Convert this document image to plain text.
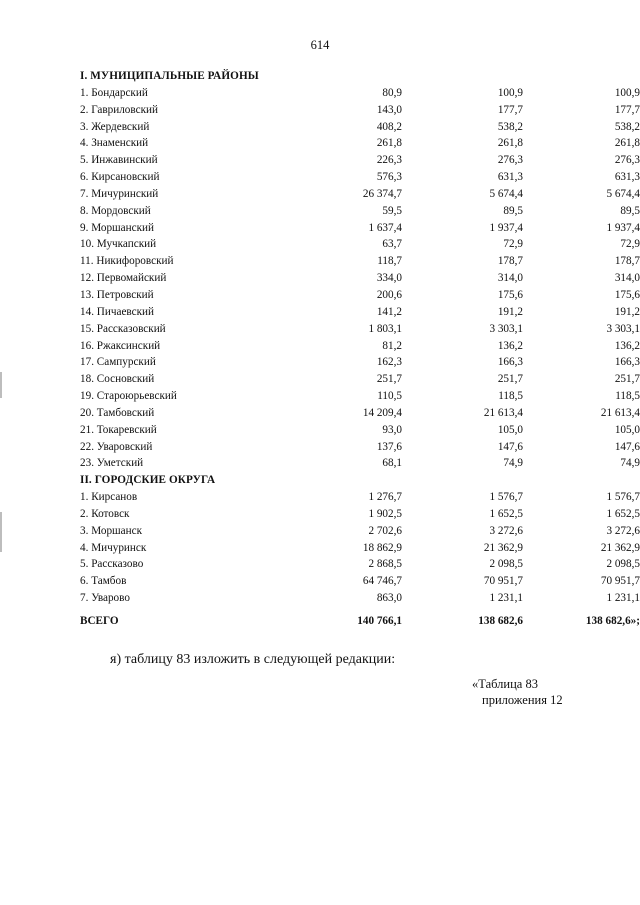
614
I. МУНИЦИПАЛЬНЫЕ РАЙОНЫ
1. Бондарский	80,9	100,9	100,9
2. Гавриловский	143,0	177,7	177,7
3. Жердевский	408,2	538,2	538,2
4. Знаменский	261,8	261,8	261,8
5. Инжавинский	226,3	276,3	276,3
6. Кирсановский	576,3	631,3	631,3
7. Мичуринский	26 374,7	5 674,4	5 674,4
8. Мордовский	59,5	89,5	89,5
9. Моршанский	1 637,4	1 937,4	1 937,4
10. Мучкапский	63,7	72,9	72,9
11. Никифоровский	118,7	178,7	178,7
12. Первомайский	334,0	314,0	314,0
13. Петровский	200,6	175,6	175,6
14. Пичаевский	141,2	191,2	191,2
15. Рассказовский	1 803,1	3 303,1	3 303,1
16. Ржаксинский	81,2	136,2	136,2
17. Сампурский	162,3	166,3	166,3
18. Сосновский	251,7	251,7	251,7
19. Староюрьевский	110,5	118,5	118,5
20. Тамбовский	14 209,4	21 613,4	21 613,4
21. Токаревский	93,0	105,0	105,0
22. Уваровский	137,6	147,6	147,6
23. Уметский	68,1	74,9	74,9
II. ГОРОДСКИЕ ОКРУГА
1. Кирсанов	1 276,7	1 576,7	1 576,7
2. Котовск	1 902,5	1 652,5	1 652,5
3. Моршанск	2 702,6	3 272,6	3 272,6
4. Мичуринск	18 862,9	21 362,9	21 362,9
5. Рассказово	2 868,5	2 098,5	2 098,5
6. Тамбов	64 746,7	70 951,7	70 951,7
7. Уварово	863,0	1 231,1	1 231,1
ВСЕГО	140 766,1	138 682,6	138 682,6»;
я) таблицу 83 изложить в следующей редакции:
«Таблица 83
приложения 12
